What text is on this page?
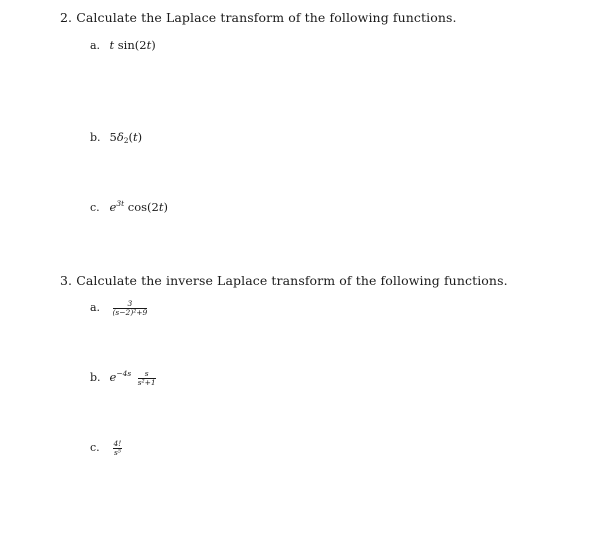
2. Calculate the Laplace transform of the following functions.
a. t sin(2t)
b. $5\delta_2(t)$
c. $e^{3t}$ cos(2t)
3. Calculate the inverse Laplace transform of the following functions.
a. $\frac{3}{\text{(s−2)²+9}}$
b. $e^{-4s} \frac{s}{\text{s²+1}}$
c. $\frac{4!}{\text{s⁵}}$
